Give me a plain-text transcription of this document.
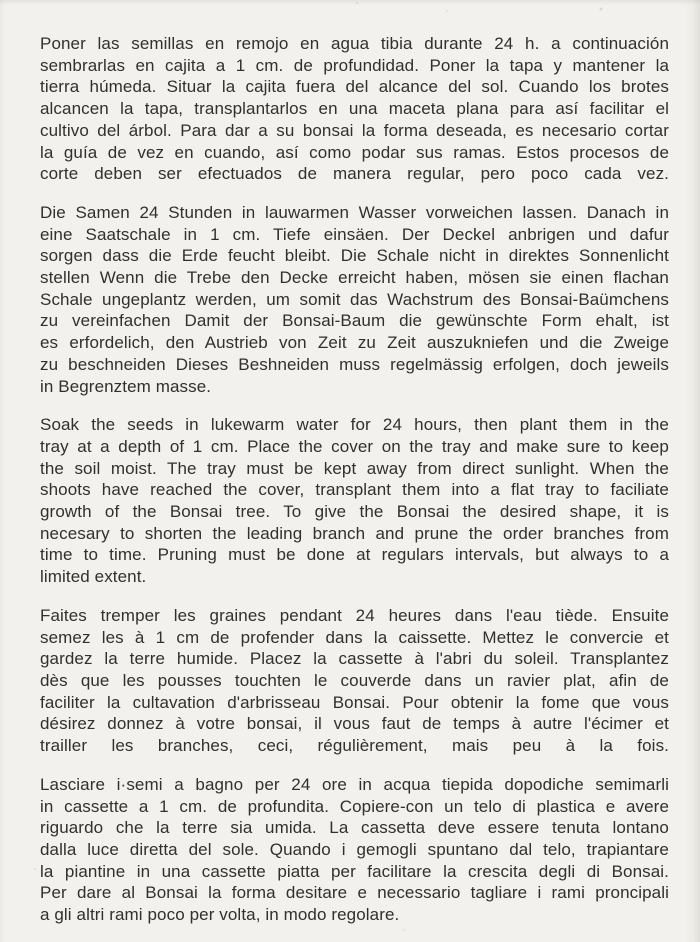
Poner las semillas en remojo en agua tibia durante 24 h. a continuación
sembrarlas en cajita a 1 cm. de profundidad. Poner la tapa y mantener la
tierra húmeda. Situar la cajita fuera del alcance del sol. Cuando los brotes
alcancen la tapa, transplantarlos en una maceta plana para así facilitar el
cultivo del árbol. Para dar a su bonsai la forma deseada, es necesario cortar
la guía de vez en cuando, así como podar sus ramas. Estos procesos de
corte deben ser efectuados de manera regular, pero poco cada vez.
Die Samen 24 Stunden in lauwarmen Wasser vorweichen lassen. Danach in
eine Saatschale in 1 cm. Tiefe einsäen. Der Deckel anbrigen und dafur
sorgen dass die Erde feucht bleibt. Die Schale nicht in direktes Sonnenlicht
stellen Wenn die Trebe den Decke erreicht haben, mösen sie einen flachan
Schale ungeplantz werden, um somit das Wachstrum des Bonsai-Baümchens
zu vereinfachen Damit der Bonsai-Baum die gewünschte Form ehalt, ist
es erfordelich, den Austrieb von Zeit zu Zeit auszukniefen und die Zweige
zu beschneiden Dieses Beshneiden muss regelmässig erfolgen, doch jeweils
in Begrenztem masse.
Soak the seeds in lukewarm water for 24 hours, then plant them in the
tray at a depth of 1 cm. Place the cover on the tray and make sure to keep
the soil moist. The tray must be kept away from direct sunlight. When the
shoots have reached the cover, transplant them into a flat tray to faciliate
growth of the Bonsai tree. To give the Bonsai the desired shape, it is
necesary to shorten the leading branch and prune the order branches from
time to time. Pruning must be done at regulars intervals, but always to a
limited extent.
Faites tremper les graines pendant 24 heures dans l'eau tiède. Ensuite
semez les à 1 cm de profender dans la caissette. Mettez le convercie et
gardez la terre humide. Placez la cassette à l'abri du soleil. Transplantez
dès que les pousses touchten le couverde dans un ravier plat, afin de
faciliter la cultavation d'arbrisseau Bonsai. Pour obtenir la fome que vous
désirez donnez à votre bonsai, il vous faut de temps à autre l'écimer et
trailler les branches, ceci, régulièrement, mais peu à la fois.
Lasciare i·semi a bagno per 24 ore in acqua tiepida dopodiche semimarli
in cassette a 1 cm. de profundita. Copiere-con un telo di plastica e avere
riguardo che la terre sia umida. La cassetta deve essere tenuta lontano
dalla luce diretta del sole. Quando i gemogli spuntano dal telo, trapiantare
la piantine in una cassette piatta per facilitare la crescita degli di Bonsai.
Per dare al Bonsai la forma desitare e necessario tagliare i rami proncipali
a gli altri rami poco per volta, in modo regolare.
